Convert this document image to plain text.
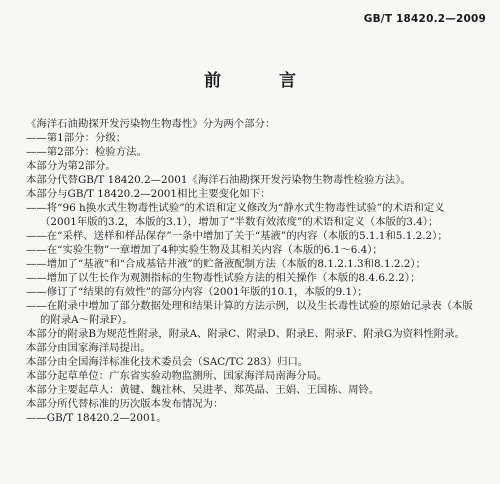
GB/T 18420.2—2009
前 言
《海洋石油勘探开发污染物生物毒性》分为两个部分：
——第1部分：分级；
——第2部分：检验方法。
本部分为第2部分。
本部分代替GB/T 18420.2—2001《海洋石油勘探开发污染物生物毒性检验方法》。
本部分与GB/T 18420.2—2001相比主要变化如下：
——将“96 h换水式生物毒性试验”的术语和定义修改为“静水式生物毒性试验”的术语和定义
（2001年版的3.2，本版的3.1），增加了“半数有效浓度”的术语和定义（本版的3.4）；
——在“采样、送样和样品保存”一条中增加了关于“基液”的内容（本版的5.1.1和5.1.2.2）；
——在“实验生物”一章增加了4种实验生物及其相关内容（本版的6.1～6.4）；
——增加了“基液”和“合成基钻井液”的贮备液配制方法（本版的8.1.2.1.3和8.1.2.2）；
——增加了以生长作为观测指标的生物毒性试验方法的相关操作（本版的8.4.6.2.2）；
——修订了“结果的有效性”的部分内容（2001年版的10.1，本版的9.1）；
——在附录中增加了部分数据处理和结果计算的方法示例，以及生长毒性试验的原始记录表（本版
的附录A～附录F）。
本部分的附录B为规范性附录，附录A、附录C、附录D、附录E、附录F、附录G为资料性附录。
本部分由国家海洋局提出。
本部分由全国海洋标准化技术委员会（SAC/TC 283）归口。
本部分起草单位：广东省实验动物监测所、国家海洋局南海分局。
本部分主要起草人：黄键、魏社林、吴进孝、郑英晶、王娟、王国栋、周铃。
本部分所代替标准的历次版本发布情况为：
——GB/T 18420.2—2001。
